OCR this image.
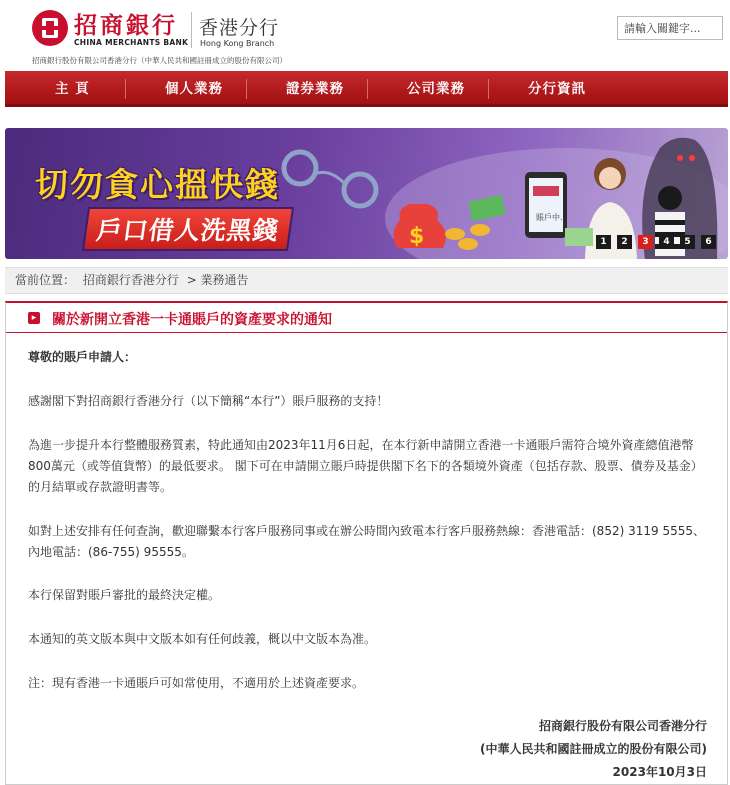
招商銀行
CHINA MERCHANTS BANK
香港分行
Hong Kong Branch
招商銀行股份有限公司香港分行（中華人民共和國註冊成立的股份有限公司）
請輸入關鍵字...
主 頁	個人業務	證券業務	公司業務	分行資訊
$
賬戶中...
切勿貪心搵快錢
戶口借人洗黑錢	1	2	3	4	5	6
當前位置： 招商銀行香港分行 > 業務通告
▸ 關於新開立香港一卡通賬戶的資產要求的通知
尊敬的賬戶申請人：
感謝閣下對招商銀行香港分行（以下簡稱“本行”）賬戶服務的支持！
為進一步提升本行整體服務質素，特此通知由2023年11月6日起，在本行新申請開立香港一卡通賬戶需符合境外資產總值港幣800萬元（或等值貨幣）的最低要求。 閣下可在申請開立賬戶時提供閣下名下的各類境外資產（包括存款、股票、債券及基金）的月結單或存款證明書等。
如對上述安排有任何查詢，歡迎聯繫本行客戶服務同事或在辦公時間內致電本行客戶服務熱線：香港電話：(852) 3119 5555、內地電話：(86-755) 95555。
本行保留對賬戶審批的最終決定權。
本通知的英文版本與中文版本如有任何歧義，概以中文版本為准。
注：現有香港一卡通賬戶可如常使用，不適用於上述資產要求。
招商銀行股份有限公司香港分行
(中華人民共和國註冊成立的股份有限公司)
2023年10月3日
